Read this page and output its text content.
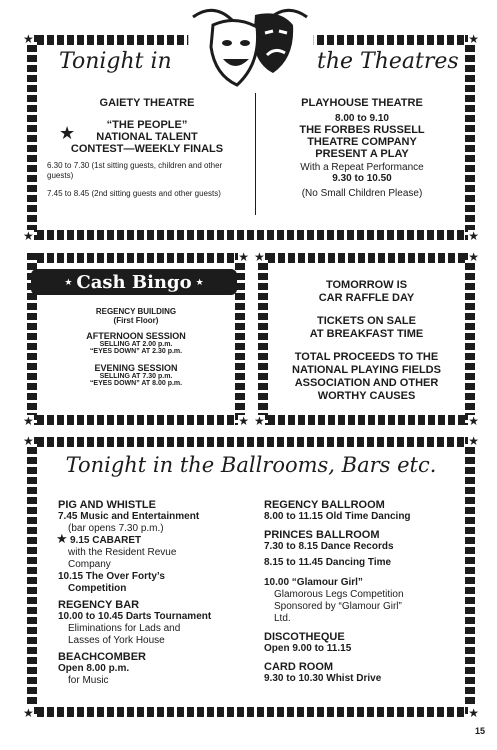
★	★
★	★
Tonight in	the Theatres

GAIETY THEATRE

★	“THE PEOPLE”

NATIONAL TALENT

CONTEST—WEEKLY FINALS

6.30 to 7.30 (1st sitting guests, children and other guests)

7.45 to 8.45 (2nd sitting guests and other guests)

PLAYHOUSE THEATRE

8.00 to 9.10

THE FORBES RUSSELL

THEATRE COMPANY

PRESENT A PLAY

With a Repeat Performance

9.30 to 10.50

(No Small Children Please)

★
★	★
★ Cash Bingo ★

REGENCY BUILDING

(First Floor)

AFTERNOON SESSION

SELLING AT 2.00 p.m.

“EYES DOWN” AT 2.30 p.m.

EVENING SESSION

SELLING AT 7.30 p.m.

“EYES DOWN” AT 8.00 p.m.

★	★
★	★

TOMORROW IS

CAR RAFFLE DAY

TICKETS ON SALE

AT BREAKFAST TIME

TOTAL PROCEEDS TO THE

NATIONAL PLAYING FIELDS

ASSOCIATION AND OTHER

WORTHY CAUSES

★	★
★	★
Tonight in the Ballrooms, Bars etc.

PIG AND WHISTLE

7.45 Music and Entertainment

(bar opens 7.30 p.m.)

★ 9.15 CABARET

with the Resident Revue

Company

10.15 The Over Forty’s

Competition

REGENCY BAR

10.00 to 10.45 Darts Tournament

Eliminations for Lads and

Lasses of York House

BEACHCOMBER

Open 8.00 p.m.

for Music

REGENCY BALLROOM

8.00 to 11.15 Old Time Dancing

PRINCES BALLROOM

7.30 to 8.15 Dance Records

8.15 to 11.45 Dancing Time

10.00 “Glamour Girl”

Glamorous Legs Competition

Sponsored by “Glamour Girl”

Ltd.

DISCOTHEQUE

Open 9.00 to 11.15

CARD ROOM

9.30 to 10.30 Whist Drive

15
